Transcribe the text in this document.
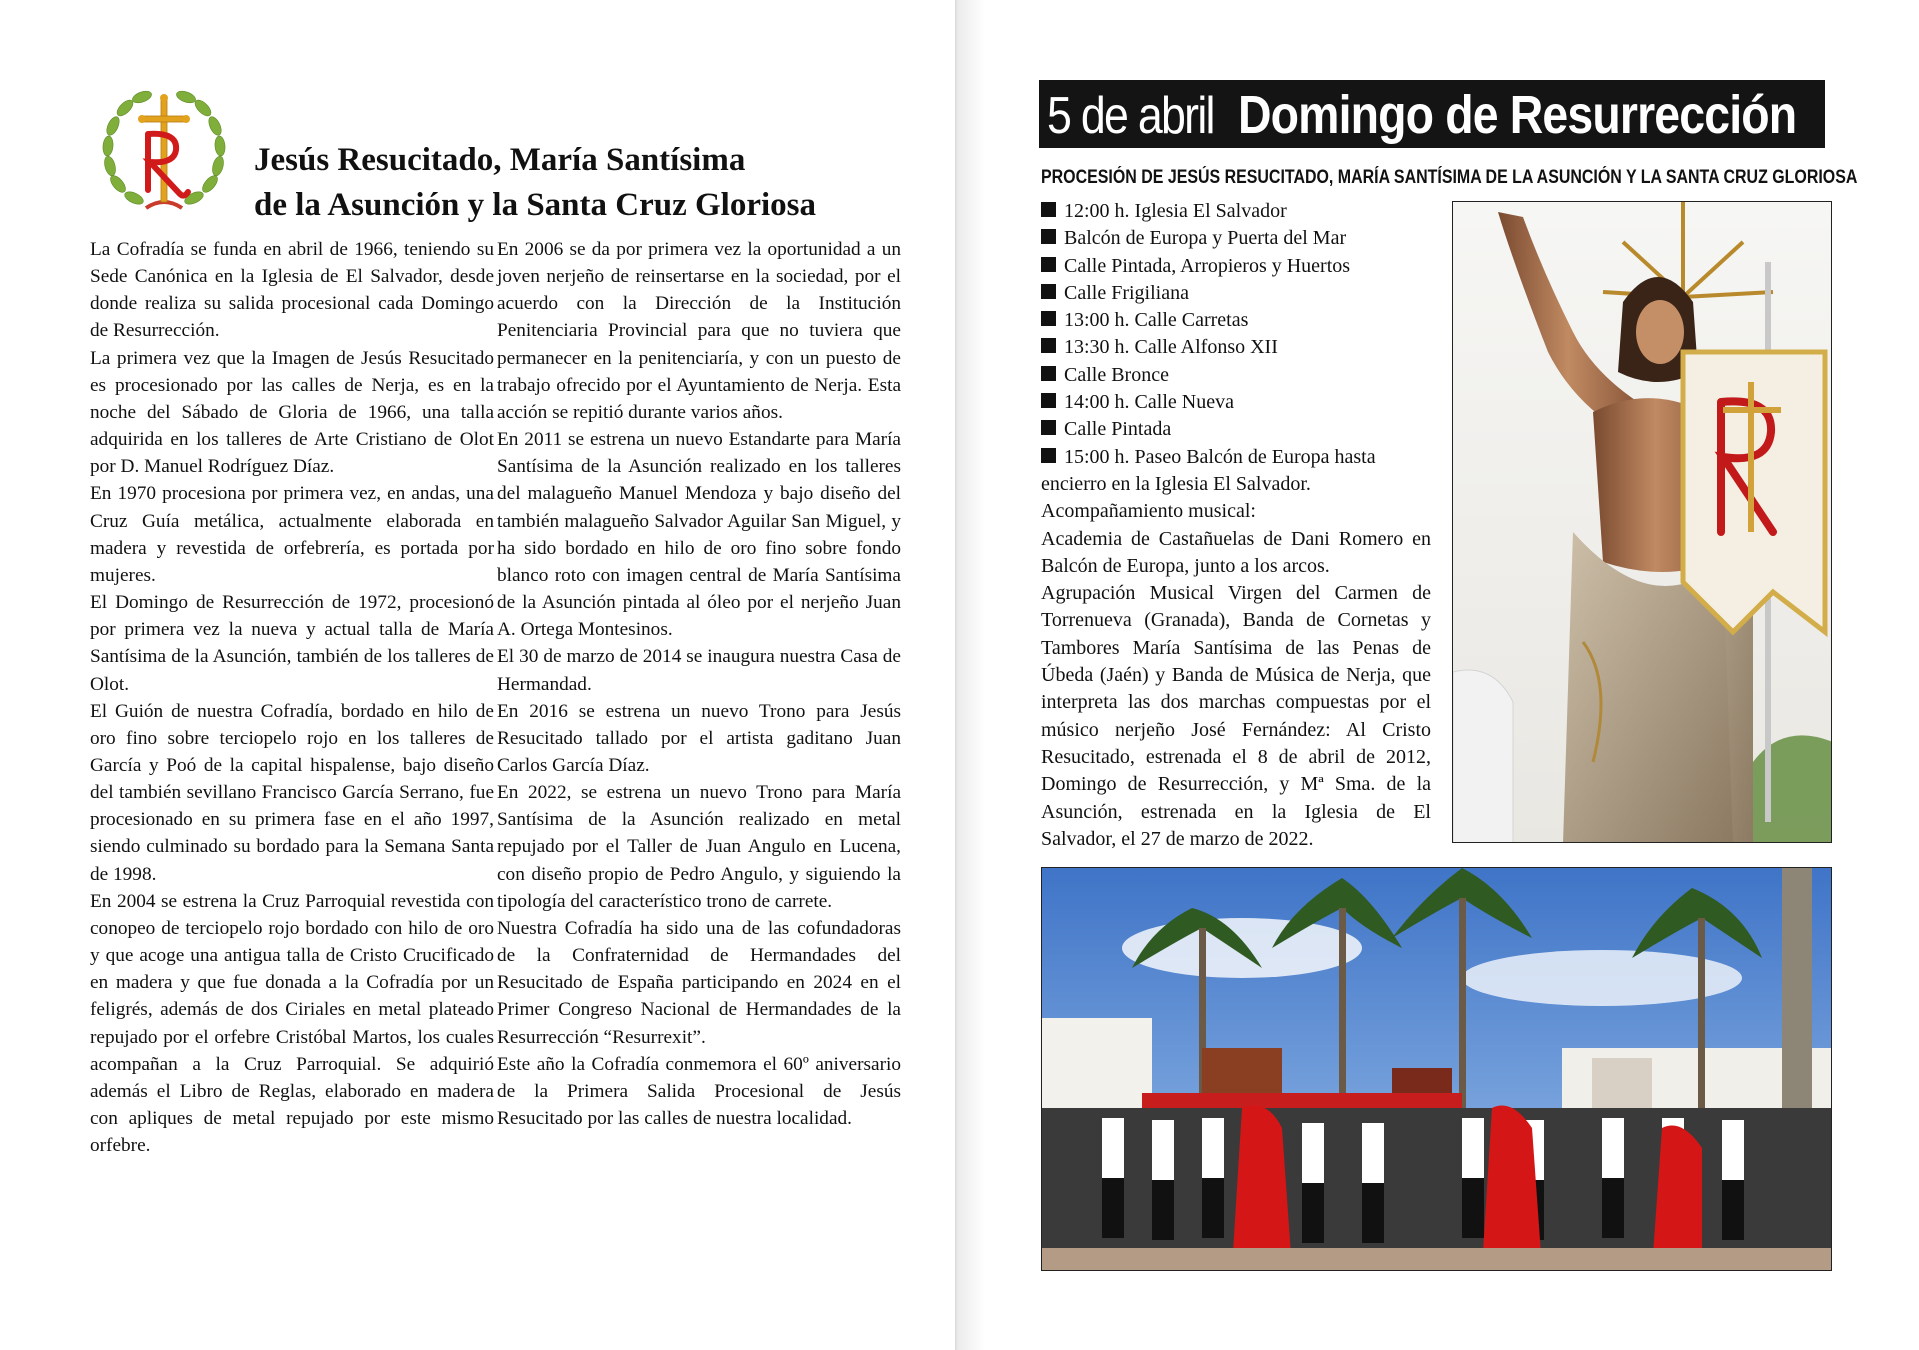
Jesús Resucitado, María Santísima
de la Asunción y la Santa Cruz Gloriosa

La Cofradía se funda en abril de 1966, teniendo su Sede Canónica en la Iglesia de El Salvador, desde donde realiza su salida procesional cada Domingo de Resurrección.

La primera vez que la Imagen de Jesús Resucitado es procesionado por las calles de Nerja, es en la noche del Sábado de Gloria de 1966, una talla adquirida en los talleres de Arte Cristiano de Olot por D. Manuel Rodríguez Díaz.

En 1970 procesiona por primera vez, en andas, una Cruz Guía metálica, actualmente elaborada en madera y revestida de orfebrería, es portada por mujeres.

El Domingo de Resurrección de 1972, procesionó por primera vez la nueva y actual talla de María Santísima de la Asunción, también de los talleres de Olot.

El Guión de nuestra Cofradía, bordado en hilo de oro fino sobre terciopelo rojo en los talleres de García y Poó de la capital hispalense, bajo diseño del también sevillano Francisco García Serrano, fue procesionado en su primera fase en el año 1997, siendo culminado su bordado para la Semana Santa de 1998.

En 2004 se estrena la Cruz Parroquial revestida con conopeo de terciopelo rojo bordado con hilo de oro y que acoge una antigua talla de Cristo Crucificado en madera y que fue donada a la Cofradía por un feligrés, además de dos Ciriales en metal plateado repujado por el orfebre Cristóbal Martos, los cuales acompañan a la Cruz Parroquial. Se adquirió además el Libro de Reglas, elaborado en madera con apliques de metal repujado por este mismo orfebre.

En 2006 se da por primera vez la oportunidad a un joven nerjeño de reinsertarse en la sociedad, por el acuerdo con la Dirección de la Institución Penitenciaria Provincial para que no tuviera que permanecer en la penitenciaría, y con un puesto de trabajo ofrecido por el Ayuntamiento de Nerja. Esta acción se repitió durante varios años.

En 2011 se estrena un nuevo Estandarte para María Santísima de la Asunción realizado en los talleres del malagueño Manuel Mendoza y bajo diseño del también malagueño Salvador Aguilar San Miguel, y ha sido bordado en hilo de oro fino sobre fondo blanco roto con imagen central de María Santísima de la Asunción pintada al óleo por el nerjeño Juan A. Ortega Montesinos.

El 30 de marzo de 2014 se inaugura nuestra Casa de Hermandad.

En 2016 se estrena un nuevo Trono para Jesús Resucitado tallado por el artista gaditano Juan Carlos García Díaz.

En 2022, se estrena un nuevo Trono para María Santísima de la Asunción realizado en metal repujado por el Taller de Juan Angulo en Lucena, con diseño propio de Pedro Angulo, y siguiendo la tipología del característico trono de carrete.

Nuestra Cofradía ha sido una de las cofundadoras de la Confraternidad de Hermandades del Resucitado de España participando en 2024 en el Primer Congreso Nacional de Hermandades de la Resurrección “Resurrexit”.

Este año la Cofradía conmemora el 60º aniversario de la Primera Salida Procesional de Jesús Resucitado por las calles de nuestra localidad.

5 de abril Domingo de Resurrección
PROCESIÓN DE JESÚS RESUCITADO, MARÍA SANTÍSIMA DE LA ASUNCIÓN Y LA SANTA CRUZ GLORIOSA
12:00 h. Iglesia El Salvador
Balcón de Europa y Puerta del Mar
Calle Pintada, Arropieros y Huertos
Calle Frigiliana
13:00 h. Calle Carretas
13:30 h. Calle Alfonso XII
Calle Bronce
14:00 h. Calle Nueva
Calle Pintada
15:00 h. Paseo Balcón de Europa hasta
encierro en la Iglesia El Salvador.
Acompañamiento musical:

Academia de Castañuelas de Dani Romero en Balcón de Europa, junto a los arcos.

Agrupación Musical Virgen del Carmen de Torrenueva (Granada), Banda de Cornetas y Tambores María Santísima de las Penas de Úbeda (Jaén) y Banda de Música de Nerja, que interpreta las dos marchas compuestas por el músico nerjeño José Fernández: Al Cristo Resucitado, estrenada el 8 de abril de 2012, Domingo de Resurrección, y Mª Sma. de la Asunción, estrenada en la Iglesia de El Salvador, el 27 de marzo de 2022.
